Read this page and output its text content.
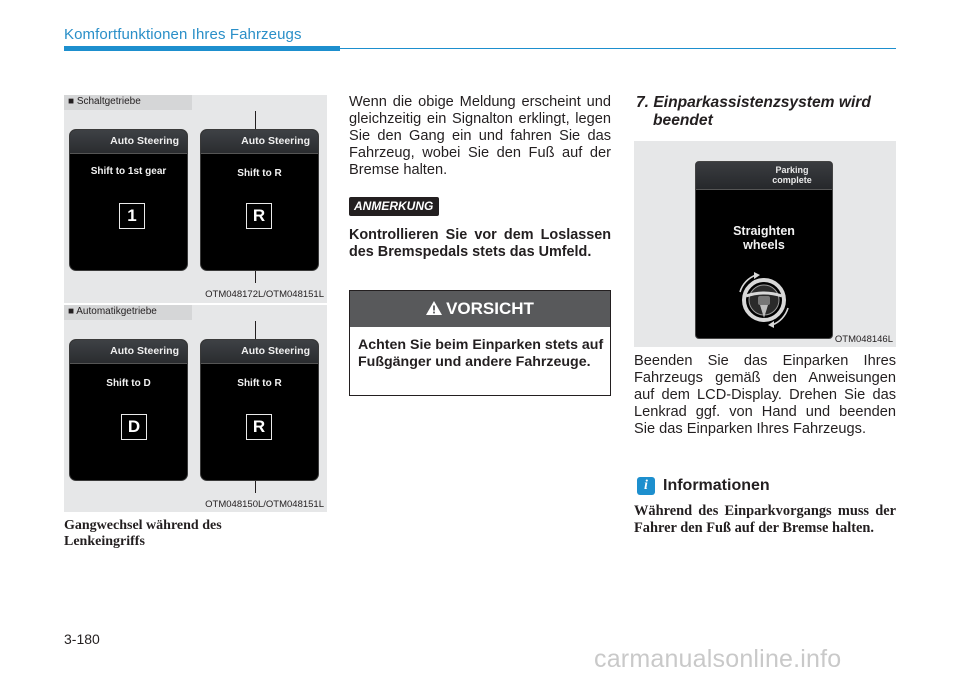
Komfortfunktionen Ihres Fahrzeugs
■ Schaltgetriebe
Auto Steering
Shift to 1st gear
1
Auto Steering
Shift to R
R
OTM048172L/OTM048151L
■ Automatikgetriebe
Auto Steering
Shift to D
D
Auto Steering
Shift to R
R
OTM048150L/OTM048151L
Gangwechsel während des
Lenkeingriffs
Wenn die obige Meldung erscheint und gleichzeitig ein Signalton erklingt, legen Sie den Gang ein und fahren Sie das Fahrzeug, wobei Sie den Fuß auf der Bremse halten.
ANMERKUNG
Kontrollieren Sie vor dem Loslassen des Bremspedals stets das Umfeld.
VORSICHT
Achten Sie beim Einparken stets auf Fußgänger und andere Fahrzeuge.
7. Einparkassistenzsystem wird
beendet
Parking
complete
Straighten
wheels
OTM048146L
Beenden Sie das Einparken Ihres Fahrzeugs gemäß den Anweisungen auf dem LCD-Display. Drehen Sie das Lenkrad ggf. von Hand und beenden Sie das Einparken Ihres Fahrzeugs.
i Informationen
Während des Einparkvorgangs muss der Fahrer den Fuß auf der Bremse halten.
3-180
carmanualsonline.info
